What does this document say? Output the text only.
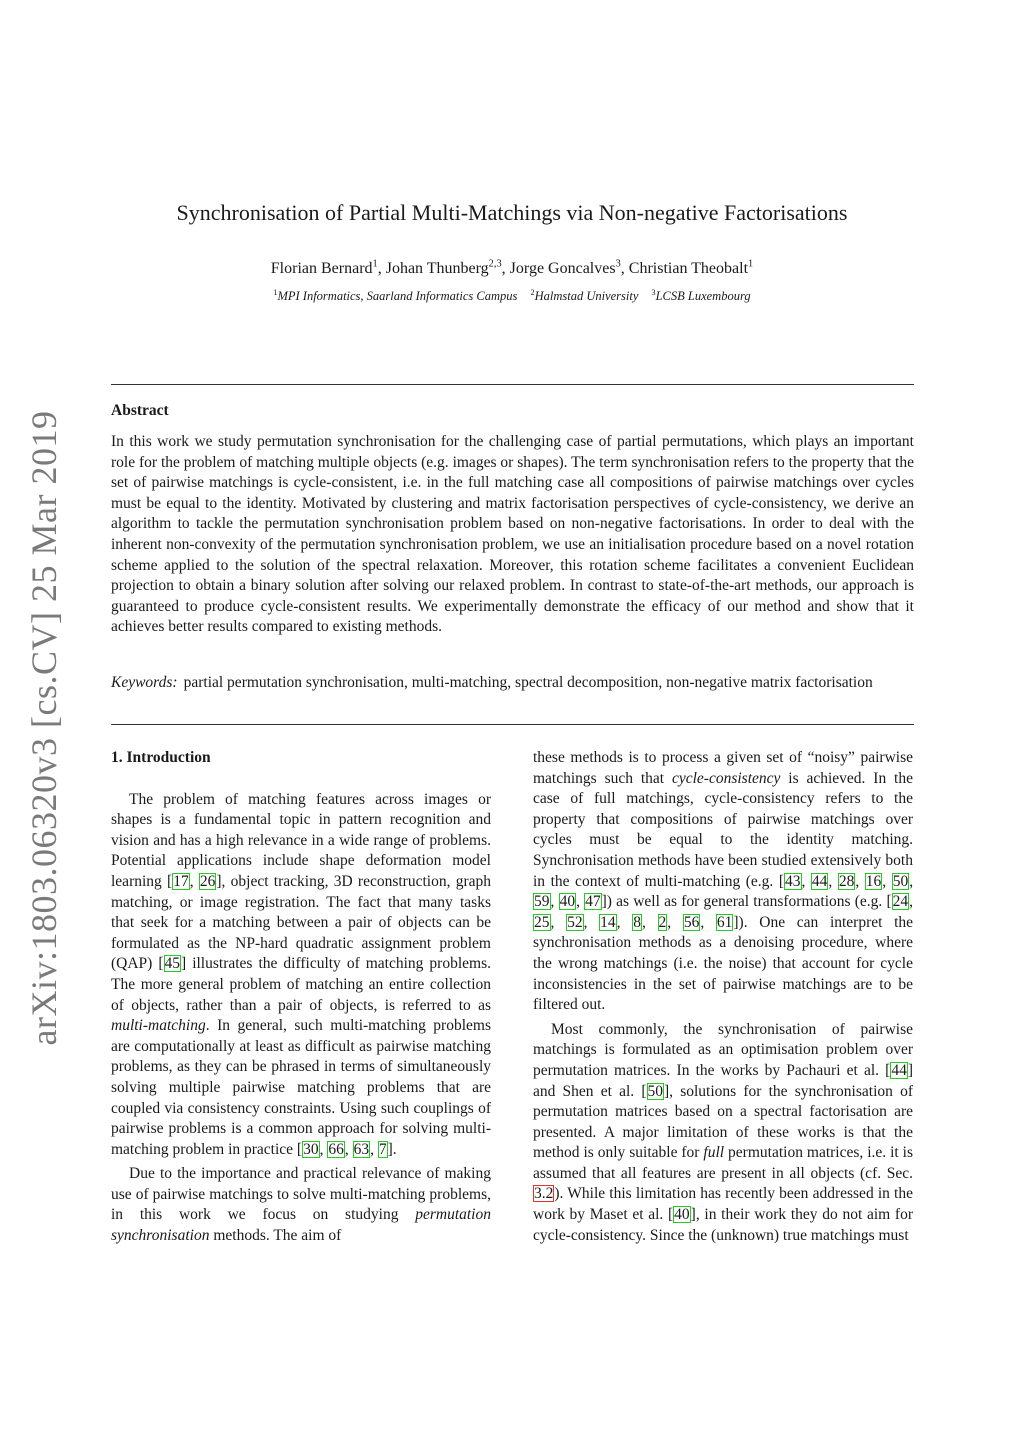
arXiv:1803.06320v3 [cs.CV] 25 Mar 2019
Synchronisation of Partial Multi-Matchings via Non-negative Factorisations
Florian Bernard$^1$, Johan Thunberg$^{2,3}$, Jorge Goncalves$^3$, Christian Theobalt$^1$
$^1$MPI Informatics, Saarland Informatics Campus $^2$Halmstad University $^3$LCSB Luxembourg
Abstract

In this work we study permutation synchronisation for the challenging case of partial permutations, which plays an important role for the problem of matching multiple objects (e.g. images or shapes). The term synchronisation refers to the property that the set of pairwise matchings is cycle-consistent, i.e. in the full matching case all compositions of pairwise matchings over cycles must be equal to the identity. Motivated by clustering and matrix factorisation perspectives of cycle-consistency, we derive an algorithm to tackle the permutation synchronisation problem based on non-negative factorisations. In order to deal with the inherent non-convexity of the permutation synchronisation problem, we use an initialisation procedure based on a novel rotation scheme applied to the solution of the spectral relaxation. Moreover, this rotation scheme facilitates a convenient Euclidean projection to obtain a binary solution after solving our relaxed problem. In contrast to state-of-the-art methods, our approach is guaranteed to produce cycle-consistent results. We experimentally demonstrate the efficacy of our method and show that it achieves better results compared to existing methods.

Keywords: partial permutation synchronisation, multi-matching, spectral decomposition, non-negative matrix factorisation

1. Introduction

The problem of matching features across images or shapes is a fundamental topic in pattern recognition and vision and has a high relevance in a wide range of problems. Potential applications include shape deformation model learning [17, 26], object tracking, 3D reconstruction, graph matching, or image registration. The fact that many tasks that seek for a matching between a pair of objects can be formulated as the NP-hard quadratic assignment problem (QAP) [45] illustrates the difficulty of matching problems. The more general problem of matching an entire collection of objects, rather than a pair of objects, is referred to as multi-matching. In general, such multi-matching problems are computationally at least as difficult as pairwise matching problems, as they can be phrased in terms of simultaneously solving multiple pairwise matching problems that are coupled via consistency constraints. Using such couplings of pairwise problems is a common approach for solving multi-matching problem in practice [30, 66, 63, 7].

Due to the importance and practical relevance of making use of pairwise matchings to solve multi-matching problems, in this work we focus on studying permutation synchronisation methods. The aim of

these methods is to process a given set of “noisy” pairwise matchings such that cycle-consistency is achieved. In the case of full matchings, cycle-consistency refers to the property that compositions of pairwise matchings over cycles must be equal to the identity matching. Synchronisation methods have been studied extensively both in the context of multi-matching (e.g. [43, 44, 28, 16, 50, 59, 40, 47]) as well as for general transformations (e.g. [24, 25, 52, 14, 8, 2, 56, 61]). One can interpret the synchronisation methods as a denoising procedure, where the wrong matchings (i.e. the noise) that account for cycle inconsistencies in the set of pairwise matchings are to be filtered out.

Most commonly, the synchronisation of pairwise matchings is formulated as an optimisation problem over permutation matrices. In the works by Pachauri et al. [44] and Shen et al. [50], solutions for the synchronisation of permutation matrices based on a spectral factorisation are presented. A major limitation of these works is that the method is only suitable for full permutation matrices, i.e. it is assumed that all features are present in all objects (cf. Sec. 3.2). While this limitation has recently been addressed in the work by Maset et al. [40], in their work they do not aim for cycle-consistency. Since the (unknown) true matchings must
